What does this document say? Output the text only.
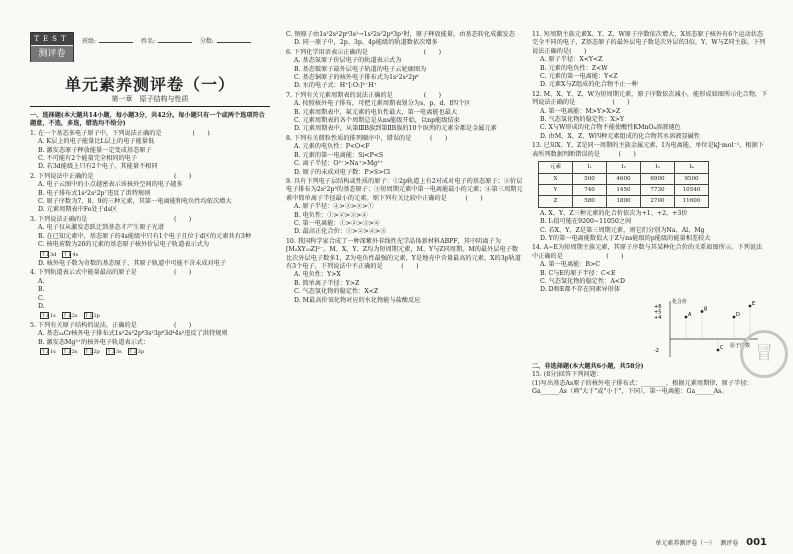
TEST
测评卷
班级:	姓名:	分数:
单元素养测评卷（一）
第一章　原子结构与性质
一、选择题(本大题共14小题，每小题3分，共42分。每小题只有一个或两个选项符合题意，不选，多选，错选均不给分)
1. 在一个基态多电子原子中，下列说法正确的是　　　　　(　　)
A. K层上的电子能量比L层上的电子能量低
B. 激发态原子释放能量一定变成基态原子
C. 不可能有2个能量完全相同的电子
D. 若3d能级上只有2个电子，其能量不相同
2. 下列说法中正确的是　　　　　　　　　　　　　(　　)
A. 电子云图中的小点越密表示该核外空间的电子越多
B. 电子排布式1s²2s²2p⁷违反了洪特规则
C. 原子序数为7、8、9的三种元素，其第一电离能和电负性均依次增大
D. 元素周期表中Fe处于ds区
3. 下列说法正确的是　　　　　　　　　　　　　　(　　)
A. 电子仅从激发态跃迁到基态才产生原子光谱
B. 在已知元素中，基态原子的4s能级中只有1个电子且位于d区的元素共有3种
C. 核电荷数为26的元素的基态原子核外价层电子轨道表示式为
↑↓3d ↑↓4s
D. 核外电子数为奇数的基态原子，其原子轨道中可能不含未成对电子
4. 下列轨道表示式中能量最高的原子是　　　　　　(　　)
A.
B.
C.
D.
↑↓1s ↑↓2s ↑↓2p
5. 下列有关原子结构的说法，正确的是　　　　　　(　　)
A. 基态₂₄Cr核外电子排布式1s²2s²2p⁶3s²3p⁶3d⁴4s²违反了洪特规则
B. 激发态Mg²⁺的核外电子轨道表示式：
↑↓1s ↑↓2s ↑↓2p ↑↓3s ↑↓3p
C. 钠原子由1s²2s²2p⁶3s¹→1s²2s²2p⁶3p¹时，原子释放能量，由基态转化成激发态
D. 同一原子中，2p、3p、4p能级的轨道数依次增多
6. 下列化学用语表示正确的是　　　　　　　　　(　　)
A. 基态氮原子价层电子的轨道表示式为
B. 基态铍原子最外层电子轨道的电子云轮廓图为
C. 基态铜原子的核外电子排布式为1s²2s²2p⁶
D. 水的电子式：H⁺[:O:]²⁻H⁺
7. 下列有关元素周期表的说法正确的是　　　　　(　　)
A. 按照核外电子排布，可把元素周期表划分为s、p、d、f四个区
B. 元素周期表中，氟元素的电负性最大，第一电离能也最大
C. 元素周期表的各个周期总是从ns能级开始，以np能级结束
D. 元素周期表中，从第ⅢB族到第ⅡB族的10个纵列的元素全都是金属元素
8. 下列有关微粒性质的排列顺序中，错误的是　　　(　　)
A. 元素的电负性：P<O<F
B. 元素的第一电离能：Si<P<S
C. 离子半径：O²⁻>Na⁺>Mg²⁺
D. 原子的未成对电子数：P>S>Cl
9. 具有下列电子层结构或性质的原子：①2p轨道上有2对成对电子的基态原子；②价层电子排布为2s²2p³的基态原子；③短周期元素中第一电离能最小的元素；④第三周期元素中简单离子半径最小的元素。则下列有关比较中正确的是　　　(　　)
A. 原子半径：④>③>②>①
B. 电负性：①>②>③>④
C. 第一电离能：①>②>③>④
D. 最高正化合价：①>②>④>③
10. 我国科学家合成了一种深紫外非线性光学晶体新材料ABPF，其中阴离子为[M₂XY₁₀Z]²⁻。M、X、Y、Z均为短周期元素，M、Y与Z同周期，M的最外层电子数比次外层电子数多1，Z为电负性最强的元素，Y是地壳中含量最高的元素，X的3p轨道有3个电子。下列说法中不正确的是　　　(　　)
A. 电负性：Y>X
B. 简单离子半径：Y>Z
C. 气态氢化物的稳定性：X<Z
D. M最高价氧化物对应的水化物能与盐酸反应
11. 短周期主族元素X、Y、Z、W原子序数依次增大，X基态原子核外有6个运动状态完全不同的电子，Z基态原子的最外层电子数是次外层的3倍，Y、W与Z同主族。下列说法正确的是(　　)
A. 原子半径：X<Y<Z
B. 元素的电负性：Z<W
C. 元素的第一电离能：Y<Z
D. 元素X与Z组成的化合物不止一种
12. M、X、Y、Z、W为短周期元素，原子序数依次减小，能形成如图所示化合物，下列说法正确的是　　　　　　(　　)
A. 第一电离能：M>Y>X>Z
B. 气态氢化物的稳定性：X>Y
C. X与W形成的化合物不能使酸性KMnO₄溶液褪色
D. 由M、X、Z、W四种元素组成的化合物其水溶液显碱性
13. 已知X、Y、Z是同一周期的主族金属元素，I为电离能，单位是kJ·mol⁻¹。根据下表所列数据判断错误的是　　　(　　)
元素	I₁	I₂	I₃	I₄
X	500	4600	6900	9500
Y	740	1450	7730	10540
Z	580	1800	2700	11600
A. X、Y、Z三种元素的化合价依次为+1、+2、+3价
B. I₁值可能在9200~11050之间
C. 若X、Y、Z是第三周期元素，则它们分别为Na、Al、Mg
D. Y的第一电离能数值大于Z与ns能级的p能级的能量相差较大
14. A~E为短周期主族元素，其原子序数与其某种化合价的关系如图所示。下列说法中正确的是　　　　　　　(　　)
A. 第一电离能：B>C
B. C与E的原子半径：C<E
C. 气态氢化物的稳定性：A<D
D. D和E都不存在同素异形体
化合价
原子序数
+6
+5
+4
-2
A
B
C
D
E
二、非选择题(本大题共6小题，共58分)
15. (8分)回答下列问题：
(1)写出基态As原子的核外电子排布式：________，根据元素周期律，原子半径：Ga______As（填"大于"或"小于"，下同），第一电离能：Ga______As。
冒
单元素养测评卷（一）　 测评卷　 001
